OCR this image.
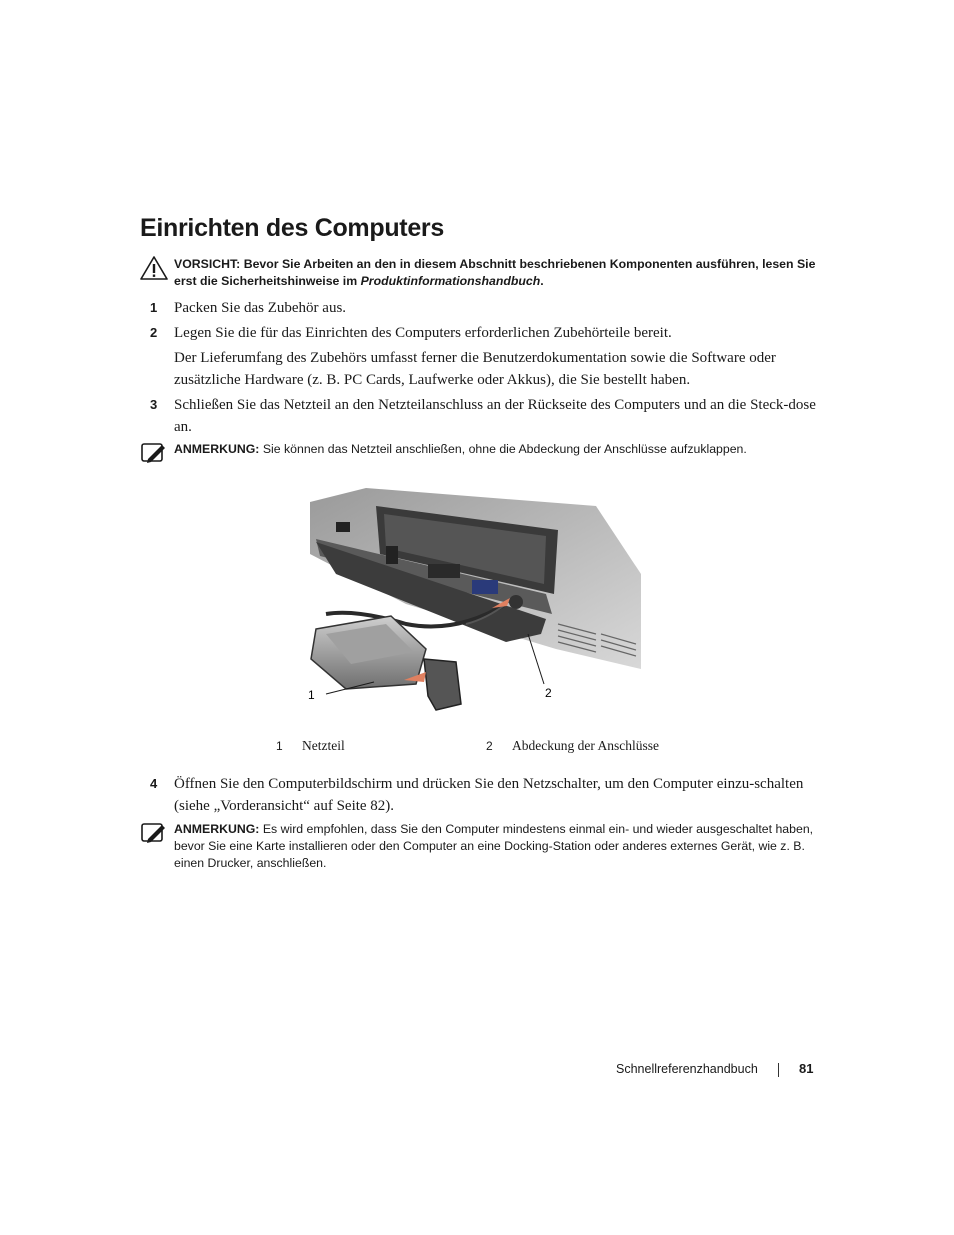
Einrichten des Computers
VORSICHT: Bevor Sie Arbeiten an den in diesem Abschnitt beschriebenen Komponenten ausführen, lesen Sie erst die Sicherheitshinweise im Produktinformationshandbuch.
1 Packen Sie das Zubehör aus.
2 Legen Sie die für das Einrichten des Computers erforderlichen Zubehörteile bereit.
Der Lieferumfang des Zubehörs umfasst ferner die Benutzerdokumentation sowie die Software oder zusätzliche Hardware (z. B. PC Cards, Laufwerke oder Akkus), die Sie bestellt haben.
3 Schließen Sie das Netzteil an den Netzteilanschluss an der Rückseite des Computers und an die Steck-dose an.
ANMERKUNG: Sie können das Netzteil anschließen, ohne die Abdeckung der Anschlüsse aufzuklappen.
1	2
1 Netzteil	2 Abdeckung der Anschlüsse
4 Öffnen Sie den Computerbildschirm und drücken Sie den Netzschalter, um den Computer einzu-schalten (siehe „Vorderansicht“ auf Seite 82).
ANMERKUNG: Es wird empfohlen, dass Sie den Computer mindestens einmal ein- und wieder ausgeschaltet haben, bevor Sie eine Karte installieren oder den Computer an eine Docking-Station oder anderes externes Gerät, wie z. B. einen Drucker, anschließen.
Schnellreferenzhandbuch	81
